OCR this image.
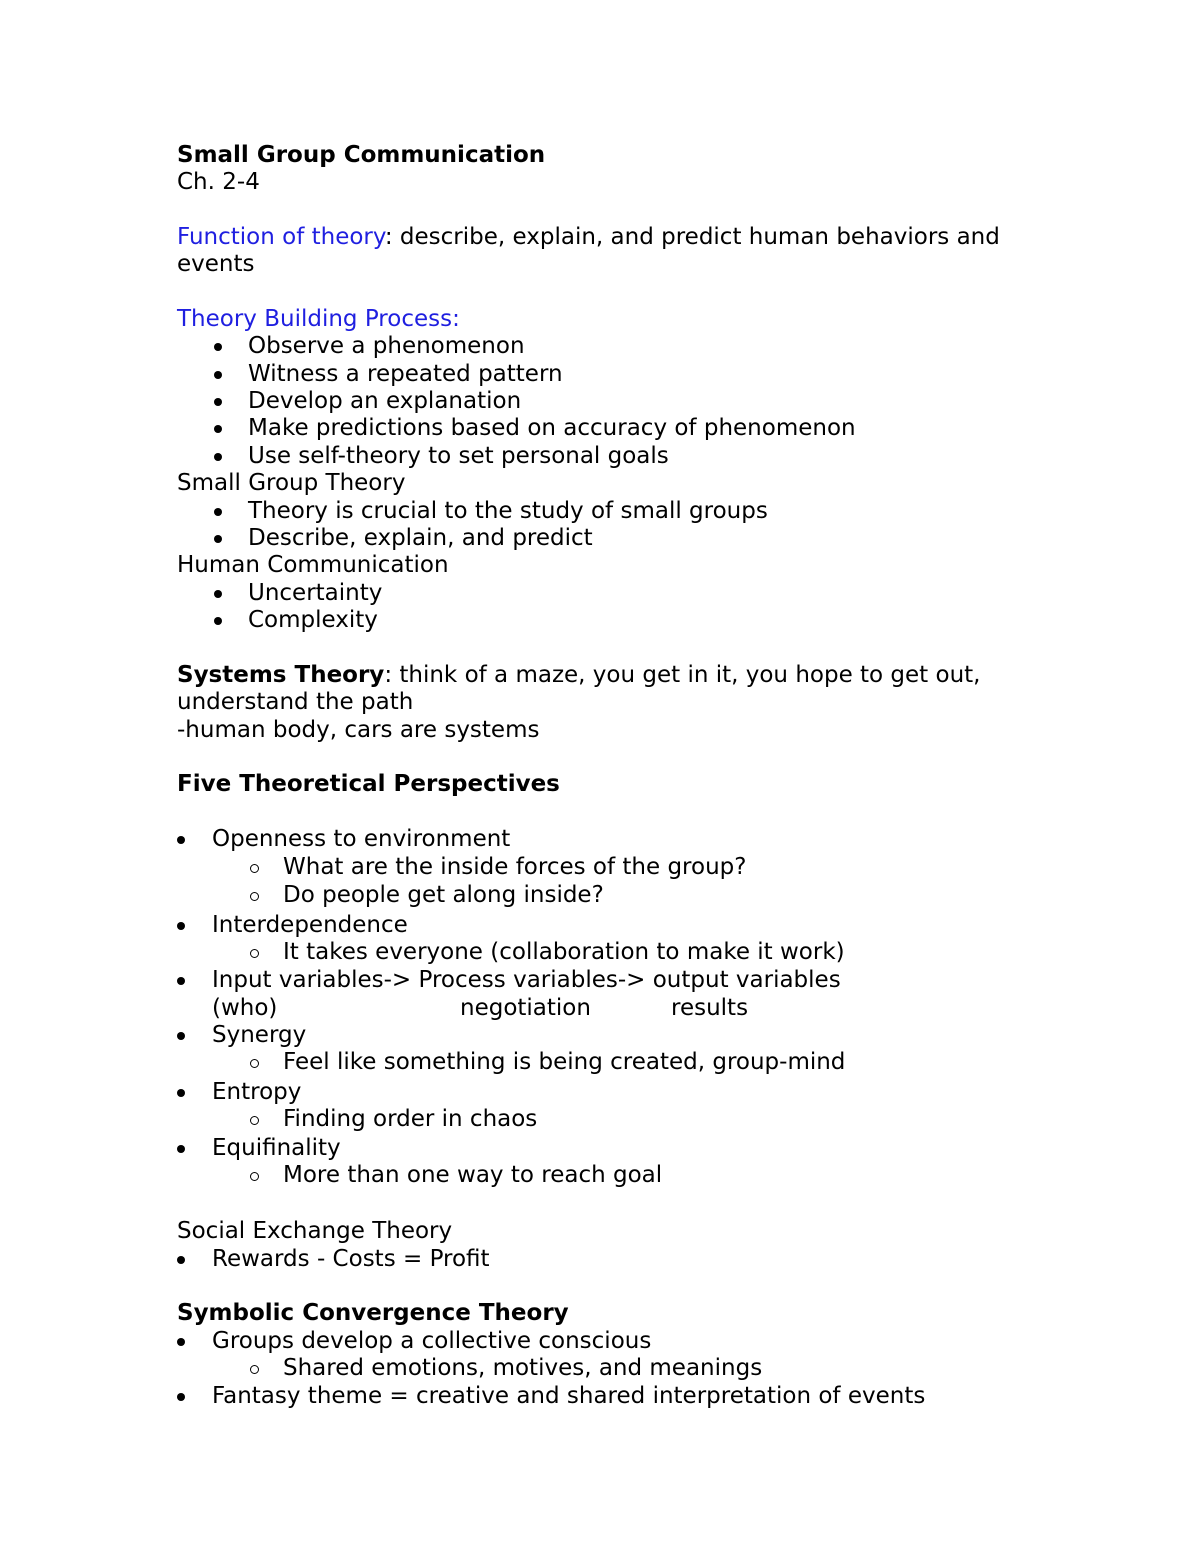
Small Group Communication

Ch. 2-4

Function of theory: describe, explain, and predict human behaviors and

events

Theory Building Process:

Observe a phenomenon

Witness a repeated pattern

Develop an explanation

Make predictions based on accuracy of phenomenon

Use self-theory to set personal goals

Small Group Theory

Theory is crucial to the study of small groups

Describe, explain, and predict

Human Communication

Uncertainty

Complexity

Systems Theory: think of a maze, you get in it, you hope to get out,

understand the path

-human body, cars are systems

Five Theoretical Perspectives

Openness to environment

What are the inside forces of the group?

Do people get along inside?

Interdependence

It takes everyone (collaboration to make it work)

Input variables-> Process variables-> output variables

(who)	negotiation	results

Synergy

Feel like something is being created, group-mind

Entropy

Finding order in chaos

Equifinality

More than one way to reach goal

Social Exchange Theory

Rewards - Costs = Profit

Symbolic Convergence Theory

Groups develop a collective conscious

Shared emotions, motives, and meanings

Fantasy theme = creative and shared interpretation of events
